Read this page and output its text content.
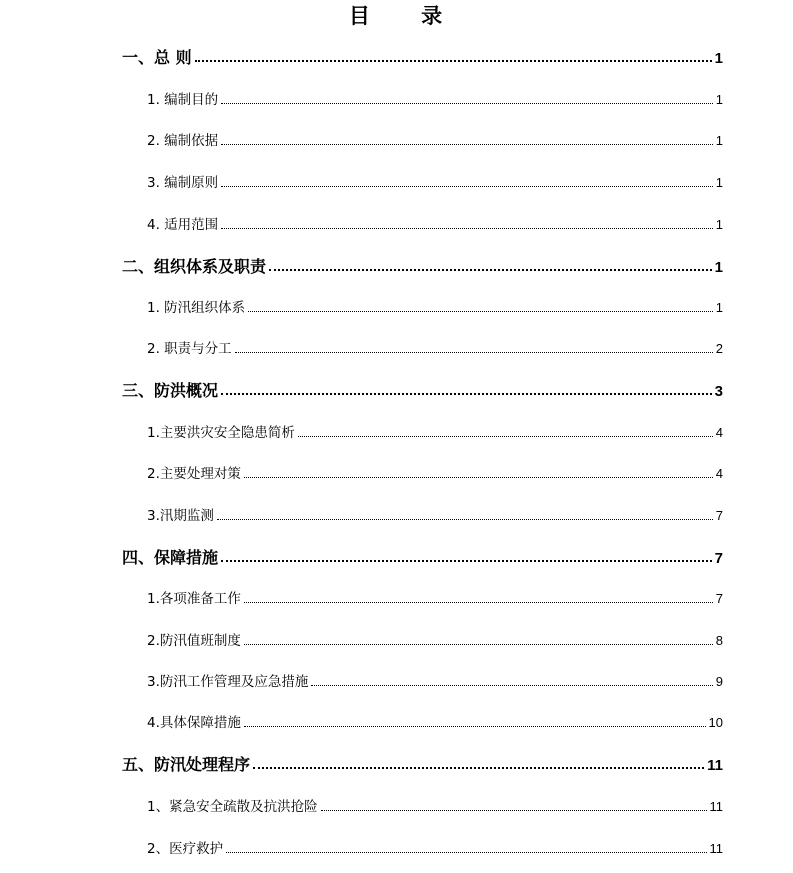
目 录
一、总 则	1
1. 编制目的	1
2. 编制依据	1
3. 编制原则	1
4. 适用范围	1
二、组织体系及职责	1
1. 防汛组织体系	1
2. 职责与分工	2
三、防洪概况	3
1.主要洪灾安全隐患简析	4
2.主要处理对策	4
3.汛期监测	7
四、保障措施	7
1.各项准备工作	7
2.防汛值班制度	8
3.防汛工作管理及应急措施	9
4.具体保障措施	10
五、防汛处理程序	11
1、紧急安全疏散及抗洪抢险	11
2、医疗救护	11
